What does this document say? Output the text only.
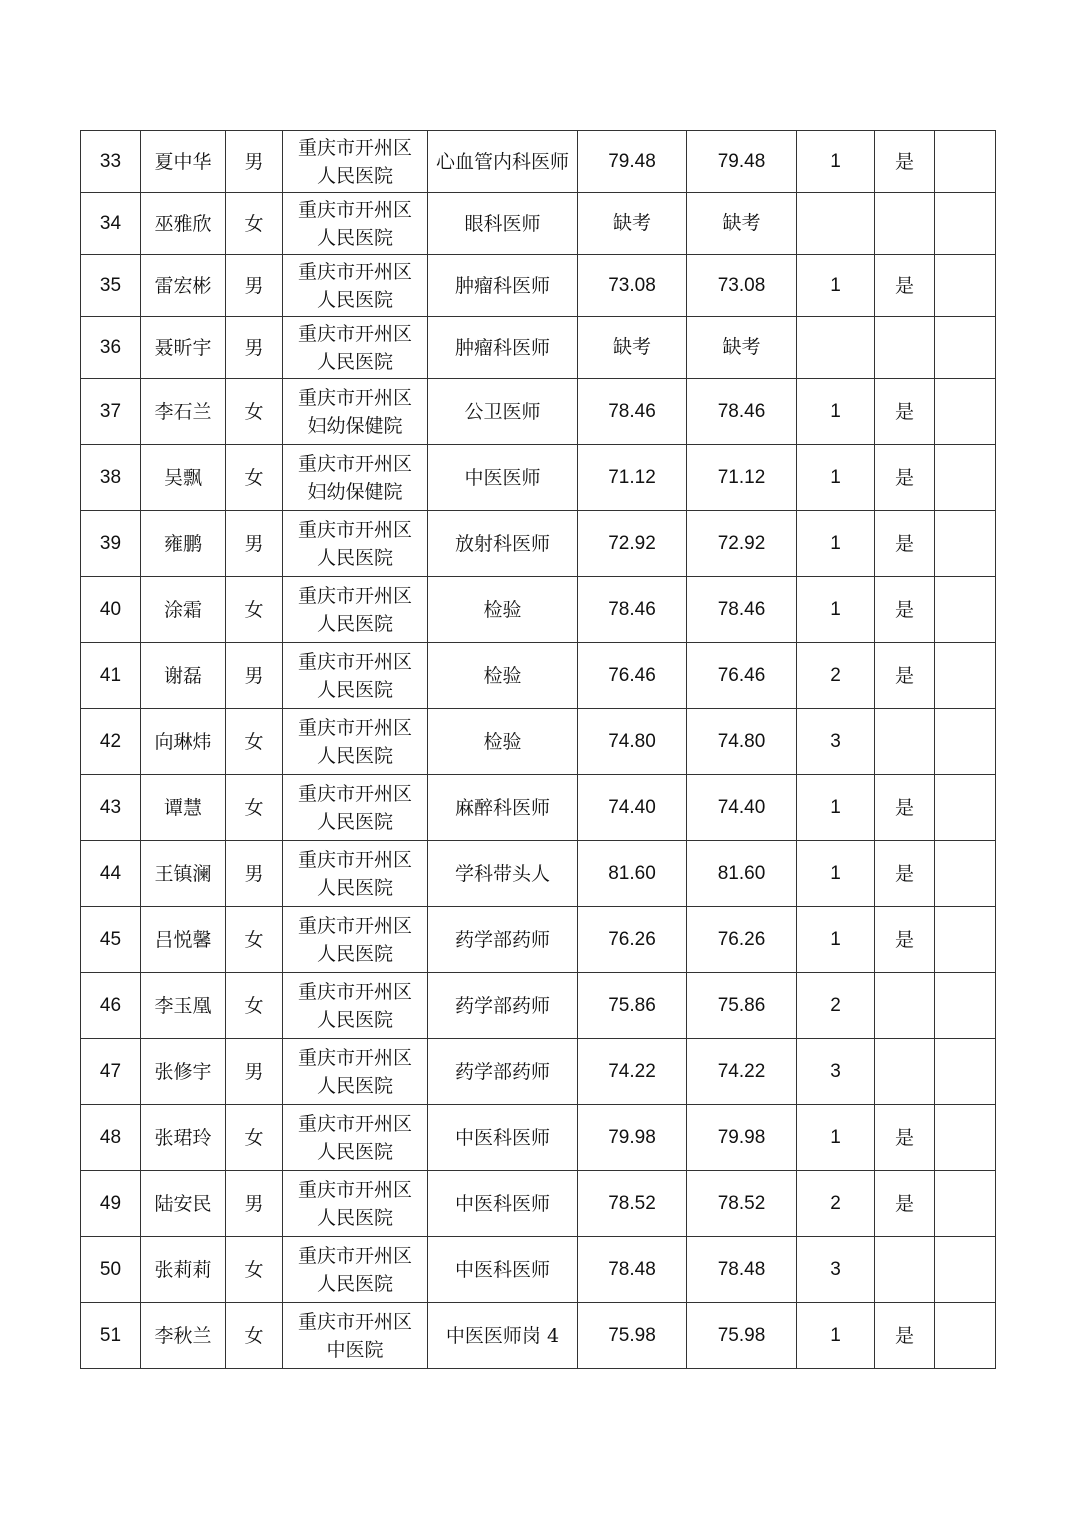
33	夏中华	男	重庆市开州区人民医院	心血管内科医师	79.48	79.48	1	是	
34	巫雅欣	女	重庆市开州区人民医院	眼科医师	缺考	缺考			
35	雷宏彬	男	重庆市开州区人民医院	肿瘤科医师	73.08	73.08	1	是	
36	聂昕宇	男	重庆市开州区人民医院	肿瘤科医师	缺考	缺考			
37	李石兰	女	重庆市开州区妇幼保健院	公卫医师	78.46	78.46	1	是	
38	吴飘	女	重庆市开州区妇幼保健院	中医医师	71.12	71.12	1	是	
39	雍鹏	男	重庆市开州区人民医院	放射科医师	72.92	72.92	1	是	
40	涂霜	女	重庆市开州区人民医院	检验	78.46	78.46	1	是	
41	谢磊	男	重庆市开州区人民医院	检验	76.46	76.46	2	是	
42	向琳炜	女	重庆市开州区人民医院	检验	74.80	74.80	3		
43	谭慧	女	重庆市开州区人民医院	麻醉科医师	74.40	74.40	1	是	
44	王镇澜	男	重庆市开州区人民医院	学科带头人	81.60	81.60	1	是	
45	吕悦馨	女	重庆市开州区人民医院	药学部药师	76.26	76.26	1	是	
46	李玉凰	女	重庆市开州区人民医院	药学部药师	75.86	75.86	2		
47	张修宇	男	重庆市开州区人民医院	药学部药师	74.22	74.22	3		
48	张珺玲	女	重庆市开州区人民医院	中医科医师	79.98	79.98	1	是	
49	陆安民	男	重庆市开州区人民医院	中医科医师	78.52	78.52	2	是	
50	张莉莉	女	重庆市开州区人民医院	中医科医师	78.48	78.48	3		
51	李秋兰	女	重庆市开州区中医院	中医医师岗 4	75.98	75.98	1	是	
